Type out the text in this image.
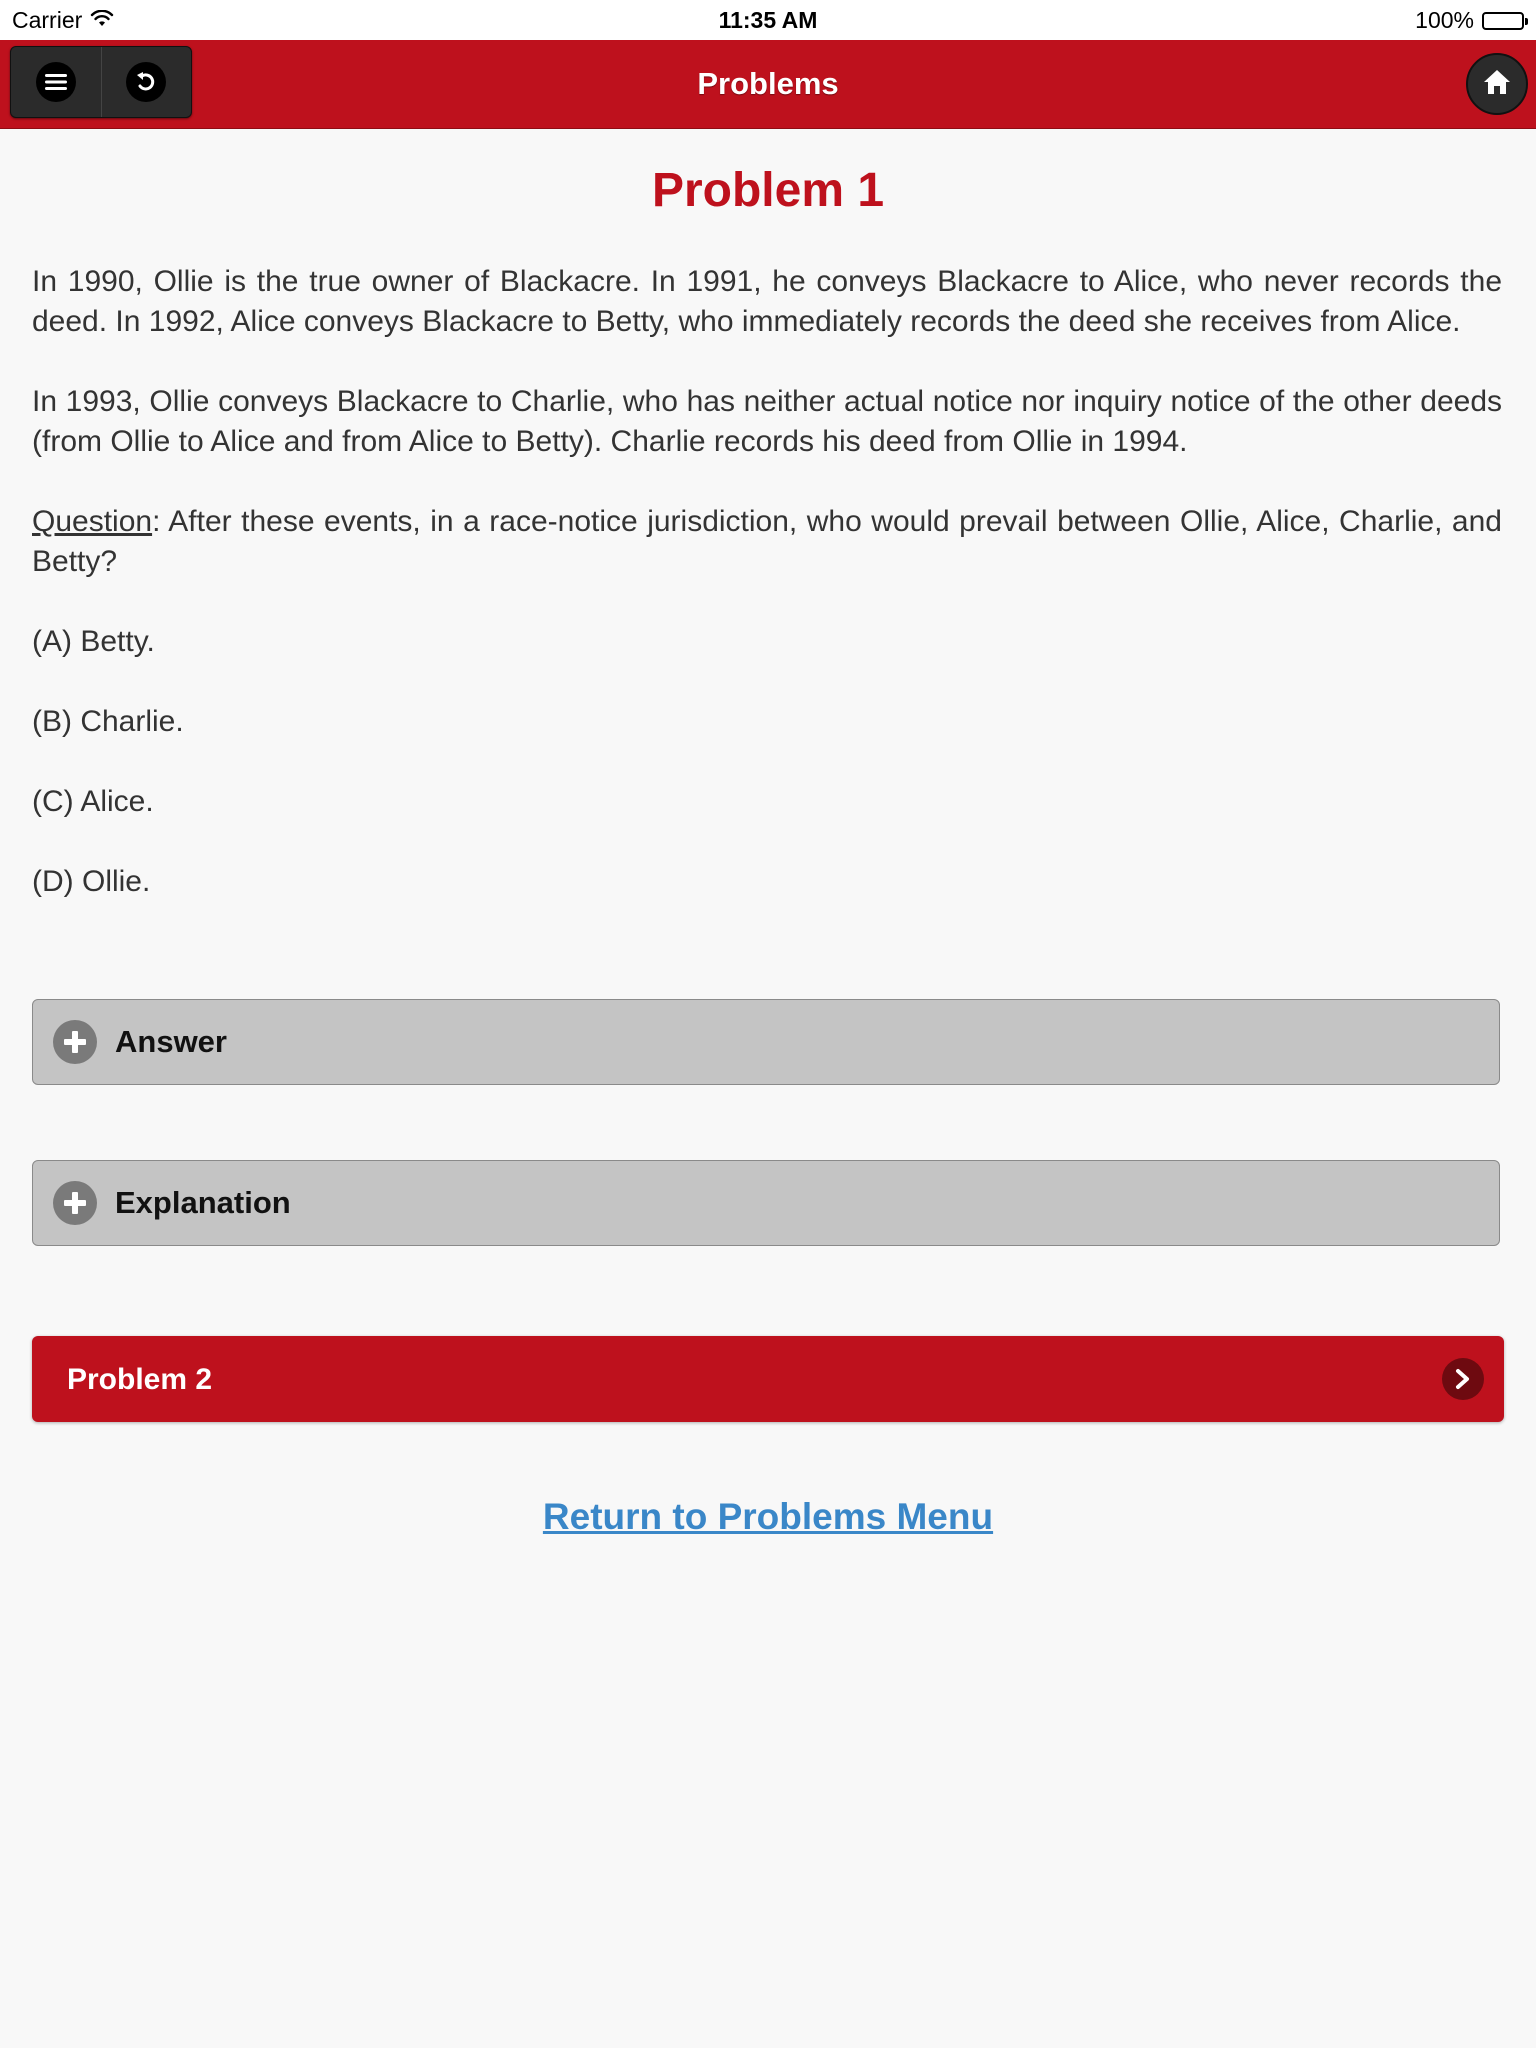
Carrier	11:35 AM	100%
Problems
Problem 1

In 1990, Ollie is the true owner of Blackacre. In 1991, he conveys Blackacre to Alice, who never records the deed. In 1992, Alice conveys Blackacre to Betty, who immediately records the deed she receives from Alice.

In 1993, Ollie conveys Blackacre to Charlie, who has neither actual notice nor inquiry notice of the other deeds (from Ollie to Alice and from Alice to Betty). Charlie records his deed from Ollie in 1994.

Question: After these events, in a race-notice jurisdiction, who would prevail between Ollie, Alice, Charlie, and Betty?

(A) Betty.

(B) Charlie.

(C) Alice.

(D) Ollie.

Answer
Explanation
Problem 2
Return to Problems Menu
